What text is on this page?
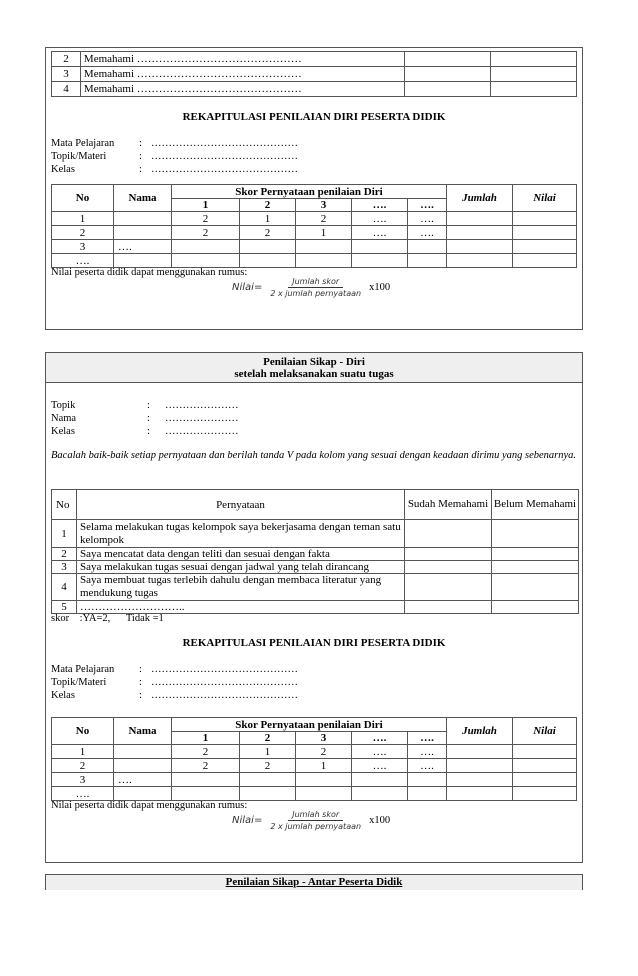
2	Memahami ………………………………………		
3	Memahami ………………………………………		
4	Memahami ………………………………………		
REKAPITULASI PENILAIAN DIRI PESERTA DIDIK
Mata Pelajaran	: ……………………………………
Topik/Materi	: ……………………………………
Kelas	: ……………………………………
No	Nama	Skor Pernyataan penilaian Diri					Jumlah	Nilai
		1	2	3	….	….		
1		2	1	2	….	….		
2		2	2	1	….	….		
3	….							
….								
Nilai peserta didik dapat menggunakan rumus:
Nilai= $\frac{\text{Jumlah skor}}{\text{2 x jumlah pernyataan}} x100$
Penilaian Sikap - Diri
setelah melaksanakan suatu tugas
Topik	:	…………………
Nama	:	…………………
Kelas	:	…………………
Bacalah baik-baik setiap pernyataan dan berilah tanda V pada kolom yang sesuai dengan keadaan dirimu yang sebenarnya.
No	Pernyataan	Sudah Memahami	Belum Memahami
1	Selama melakukan tugas kelompok saya bekerjasama dengan teman satu kelompok		
2	Saya mencatat data dengan teliti dan sesuai dengan fakta		
3	Saya melakukan tugas sesuai dengan jadwal yang telah dirancang		
4	Saya membuat tugas terlebih dahulu dengan membaca literatur yang mendukung tugas		
5	………………………..		
skor    :YA=2,      Tidak =1
REKAPITULASI PENILAIAN DIRI PESERTA DIDIK
Mata Pelajaran	: ……………………………………
Topik/Materi	: ……………………………………
Kelas	: ……………………………………
No	Nama	Skor Pernyataan penilaian Diri					Jumlah	Nilai
		1	2	3	….	….		
1		2	1	2	….	….		
2		2	2	1	….	….		
3	….							
….								
Nilai peserta didik dapat menggunakan rumus:
Nilai= $\frac{\text{Jumlah skor}}{\text{2 x jumlah pernyataan}} x100$
Penilaian Sikap - Antar Peserta Didik
